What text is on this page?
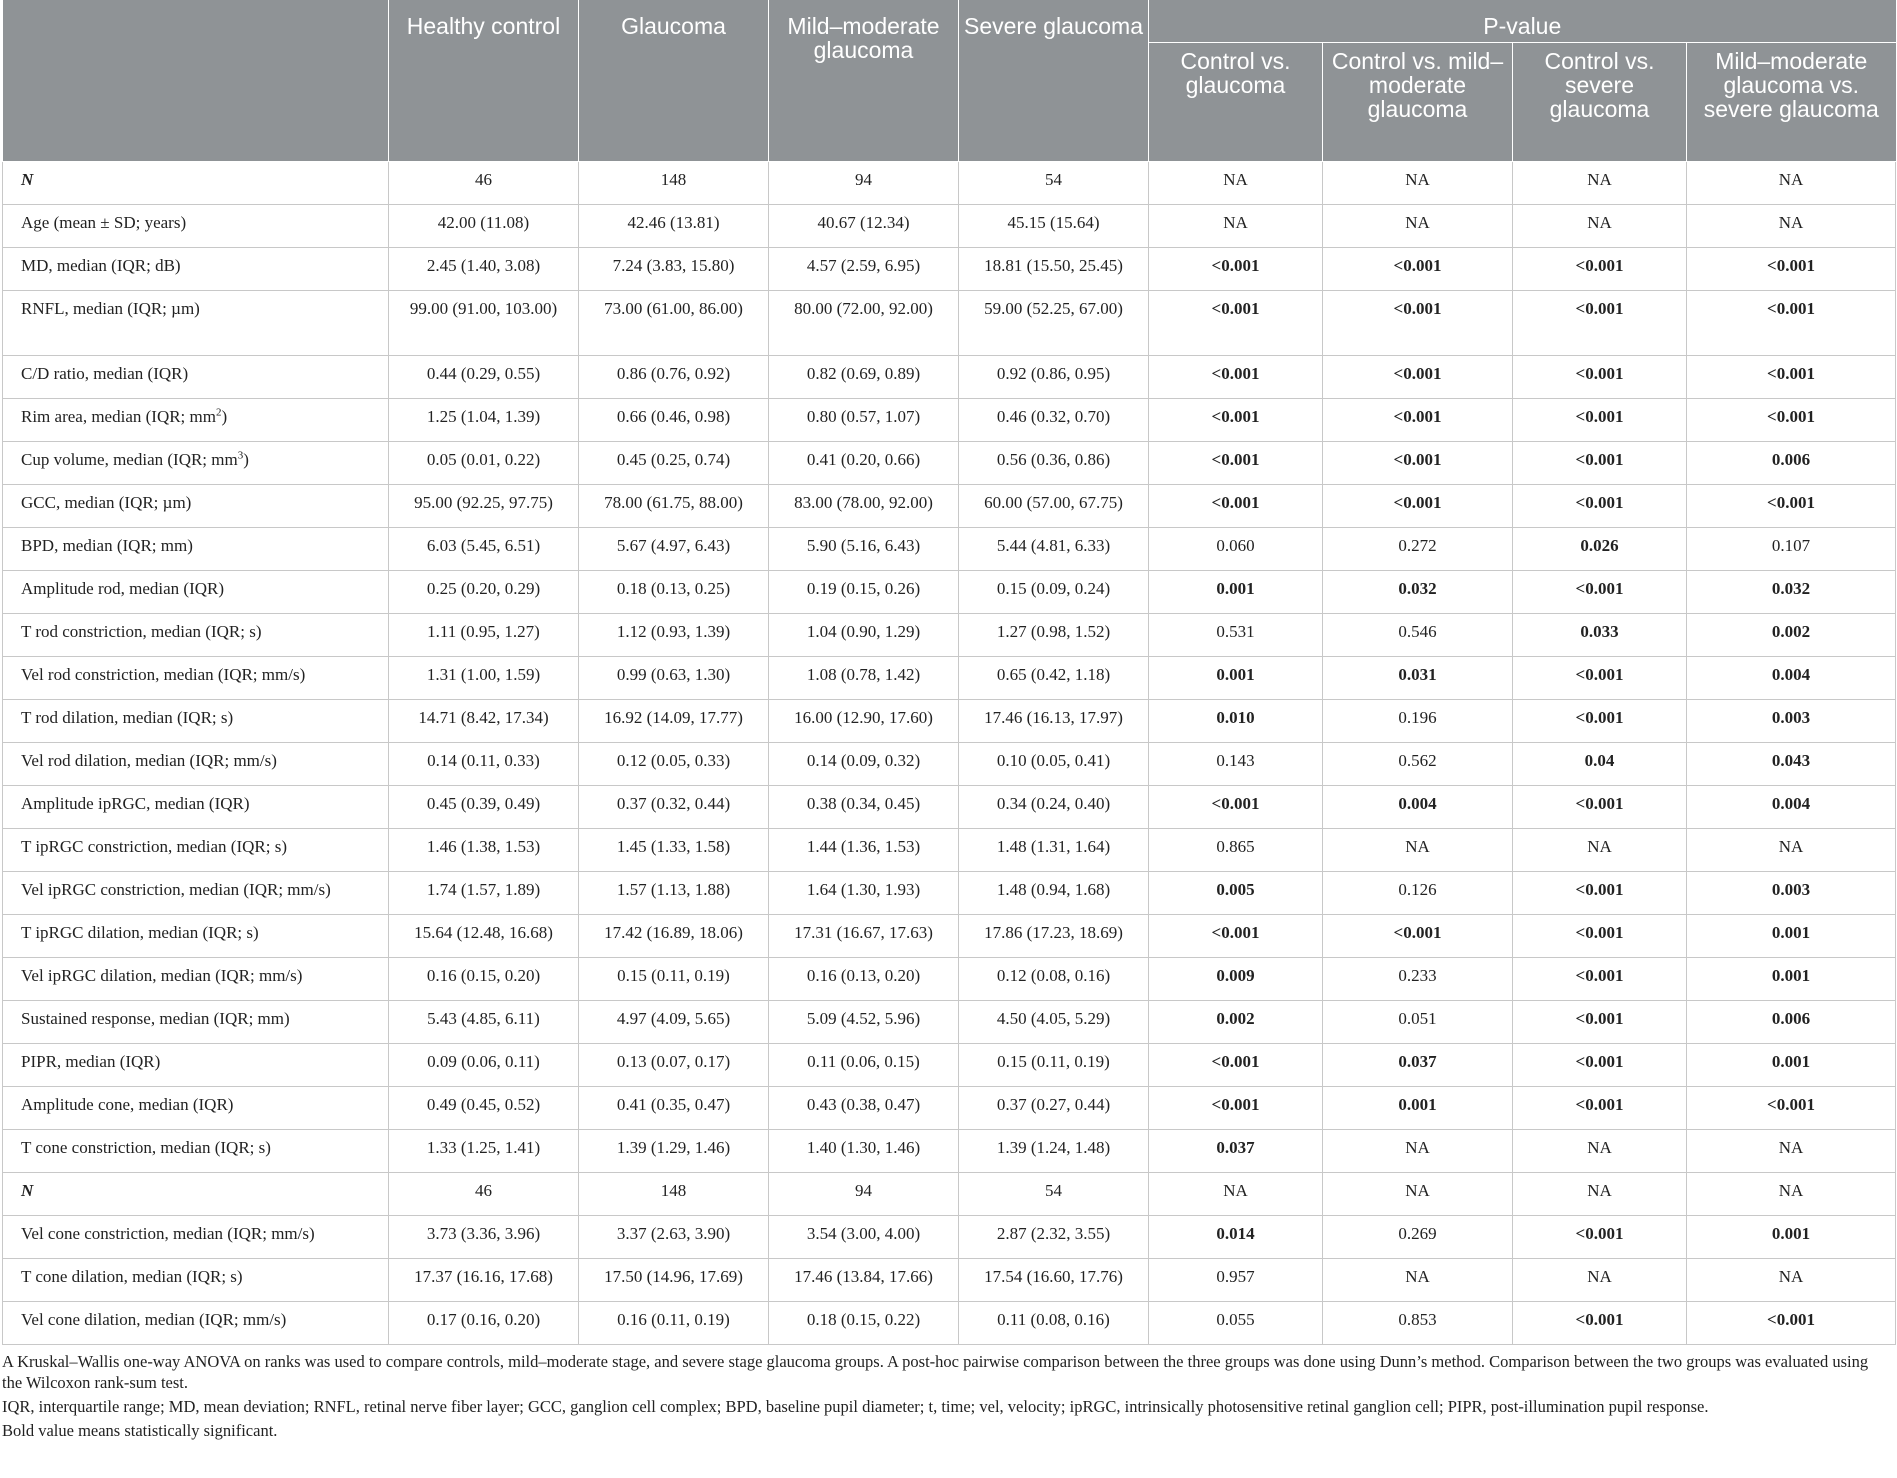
	Healthy control	Glaucoma	Mild–moderate glaucoma	Severe glaucoma	P-value			
					Control vs. glaucoma	Control vs. mild–moderate glaucoma	Control vs. severe glaucoma	Mild–moderate glaucoma vs. severe glaucoma
N	46	148	94	54	NA	NA	NA	NA
Age (mean ± SD; years)	42.00 (11.08)	42.46 (13.81)	40.67 (12.34)	45.15 (15.64)	NA	NA	NA	NA
MD, median (IQR; dB)	2.45 (1.40, 3.08)	7.24 (3.83, 15.80)	4.57 (2.59, 6.95)	18.81 (15.50, 25.45)	<0.001	<0.001	<0.001	<0.001
RNFL, median (IQR; µm)	99.00 (91.00, 103.00)	73.00 (61.00, 86.00)	80.00 (72.00, 92.00)	59.00 (52.25, 67.00)	<0.001	<0.001	<0.001	<0.001
C/D ratio, median (IQR)	0.44 (0.29, 0.55)	0.86 (0.76, 0.92)	0.82 (0.69, 0.89)	0.92 (0.86, 0.95)	<0.001	<0.001	<0.001	<0.001
Rim area, median (IQR; $mm^2$)	1.25 (1.04, 1.39)	0.66 (0.46, 0.98)	0.80 (0.57, 1.07)	0.46 (0.32, 0.70)	<0.001	<0.001	<0.001	<0.001
Cup volume, median (IQR; $mm^3$)	0.05 (0.01, 0.22)	0.45 (0.25, 0.74)	0.41 (0.20, 0.66)	0.56 (0.36, 0.86)	<0.001	<0.001	<0.001	0.006
GCC, median (IQR; µm)	95.00 (92.25, 97.75)	78.00 (61.75, 88.00)	83.00 (78.00, 92.00)	60.00 (57.00, 67.75)	<0.001	<0.001	<0.001	<0.001
BPD, median (IQR; mm)	6.03 (5.45, 6.51)	5.67 (4.97, 6.43)	5.90 (5.16, 6.43)	5.44 (4.81, 6.33)	0.060	0.272	0.026	0.107
Amplitude rod, median (IQR)	0.25 (0.20, 0.29)	0.18 (0.13, 0.25)	0.19 (0.15, 0.26)	0.15 (0.09, 0.24)	0.001	0.032	<0.001	0.032
T rod constriction, median (IQR; s)	1.11 (0.95, 1.27)	1.12 (0.93, 1.39)	1.04 (0.90, 1.29)	1.27 (0.98, 1.52)	0.531	0.546	0.033	0.002
Vel rod constriction, median (IQR; mm/s)	1.31 (1.00, 1.59)	0.99 (0.63, 1.30)	1.08 (0.78, 1.42)	0.65 (0.42, 1.18)	0.001	0.031	<0.001	0.004
T rod dilation, median (IQR; s)	14.71 (8.42, 17.34)	16.92 (14.09, 17.77)	16.00 (12.90, 17.60)	17.46 (16.13, 17.97)	0.010	0.196	<0.001	0.003
Vel rod dilation, median (IQR; mm/s)	0.14 (0.11, 0.33)	0.12 (0.05, 0.33)	0.14 (0.09, 0.32)	0.10 (0.05, 0.41)	0.143	0.562	0.04	0.043
Amplitude ipRGC, median (IQR)	0.45 (0.39, 0.49)	0.37 (0.32, 0.44)	0.38 (0.34, 0.45)	0.34 (0.24, 0.40)	<0.001	0.004	<0.001	0.004
T ipRGC constriction, median (IQR; s)	1.46 (1.38, 1.53)	1.45 (1.33, 1.58)	1.44 (1.36, 1.53)	1.48 (1.31, 1.64)	0.865	NA	NA	NA
Vel ipRGC constriction, median (IQR; mm/s)	1.74 (1.57, 1.89)	1.57 (1.13, 1.88)	1.64 (1.30, 1.93)	1.48 (0.94, 1.68)	0.005	0.126	<0.001	0.003
T ipRGC dilation, median (IQR; s)	15.64 (12.48, 16.68)	17.42 (16.89, 18.06)	17.31 (16.67, 17.63)	17.86 (17.23, 18.69)	<0.001	<0.001	<0.001	0.001
Vel ipRGC dilation, median (IQR; mm/s)	0.16 (0.15, 0.20)	0.15 (0.11, 0.19)	0.16 (0.13, 0.20)	0.12 (0.08, 0.16)	0.009	0.233	<0.001	0.001
Sustained response, median (IQR; mm)	5.43 (4.85, 6.11)	4.97 (4.09, 5.65)	5.09 (4.52, 5.96)	4.50 (4.05, 5.29)	0.002	0.051	<0.001	0.006
PIPR, median (IQR)	0.09 (0.06, 0.11)	0.13 (0.07, 0.17)	0.11 (0.06, 0.15)	0.15 (0.11, 0.19)	<0.001	0.037	<0.001	0.001
Amplitude cone, median (IQR)	0.49 (0.45, 0.52)	0.41 (0.35, 0.47)	0.43 (0.38, 0.47)	0.37 (0.27, 0.44)	<0.001	0.001	<0.001	<0.001
T cone constriction, median (IQR; s)	1.33 (1.25, 1.41)	1.39 (1.29, 1.46)	1.40 (1.30, 1.46)	1.39 (1.24, 1.48)	0.037	NA	NA	NA
N	46	148	94	54	NA	NA	NA	NA
Vel cone constriction, median (IQR; mm/s)	3.73 (3.36, 3.96)	3.37 (2.63, 3.90)	3.54 (3.00, 4.00)	2.87 (2.32, 3.55)	0.014	0.269	<0.001	0.001
T cone dilation, median (IQR; s)	17.37 (16.16, 17.68)	17.50 (14.96, 17.69)	17.46 (13.84, 17.66)	17.54 (16.60, 17.76)	0.957	NA	NA	NA
Vel cone dilation, median (IQR; mm/s)	0.17 (0.16, 0.20)	0.16 (0.11, 0.19)	0.18 (0.15, 0.22)	0.11 (0.08, 0.16)	0.055	0.853	<0.001	<0.001

A Kruskal–Wallis one-way ANOVA on ranks was used to compare controls, mild–moderate stage, and severe stage glaucoma groups. A post-hoc pairwise comparison between the three groups was done using Dunn’s method. Comparison between the two groups was evaluated using the Wilcoxon rank-sum test.

IQR, interquartile range; MD, mean deviation; RNFL, retinal nerve fiber layer; GCC, ganglion cell complex; BPD, baseline pupil diameter; t, time; vel, velocity; ipRGC, intrinsically photosensitive retinal ganglion cell; PIPR, post-illumination pupil response.

Bold value means statistically significant.
